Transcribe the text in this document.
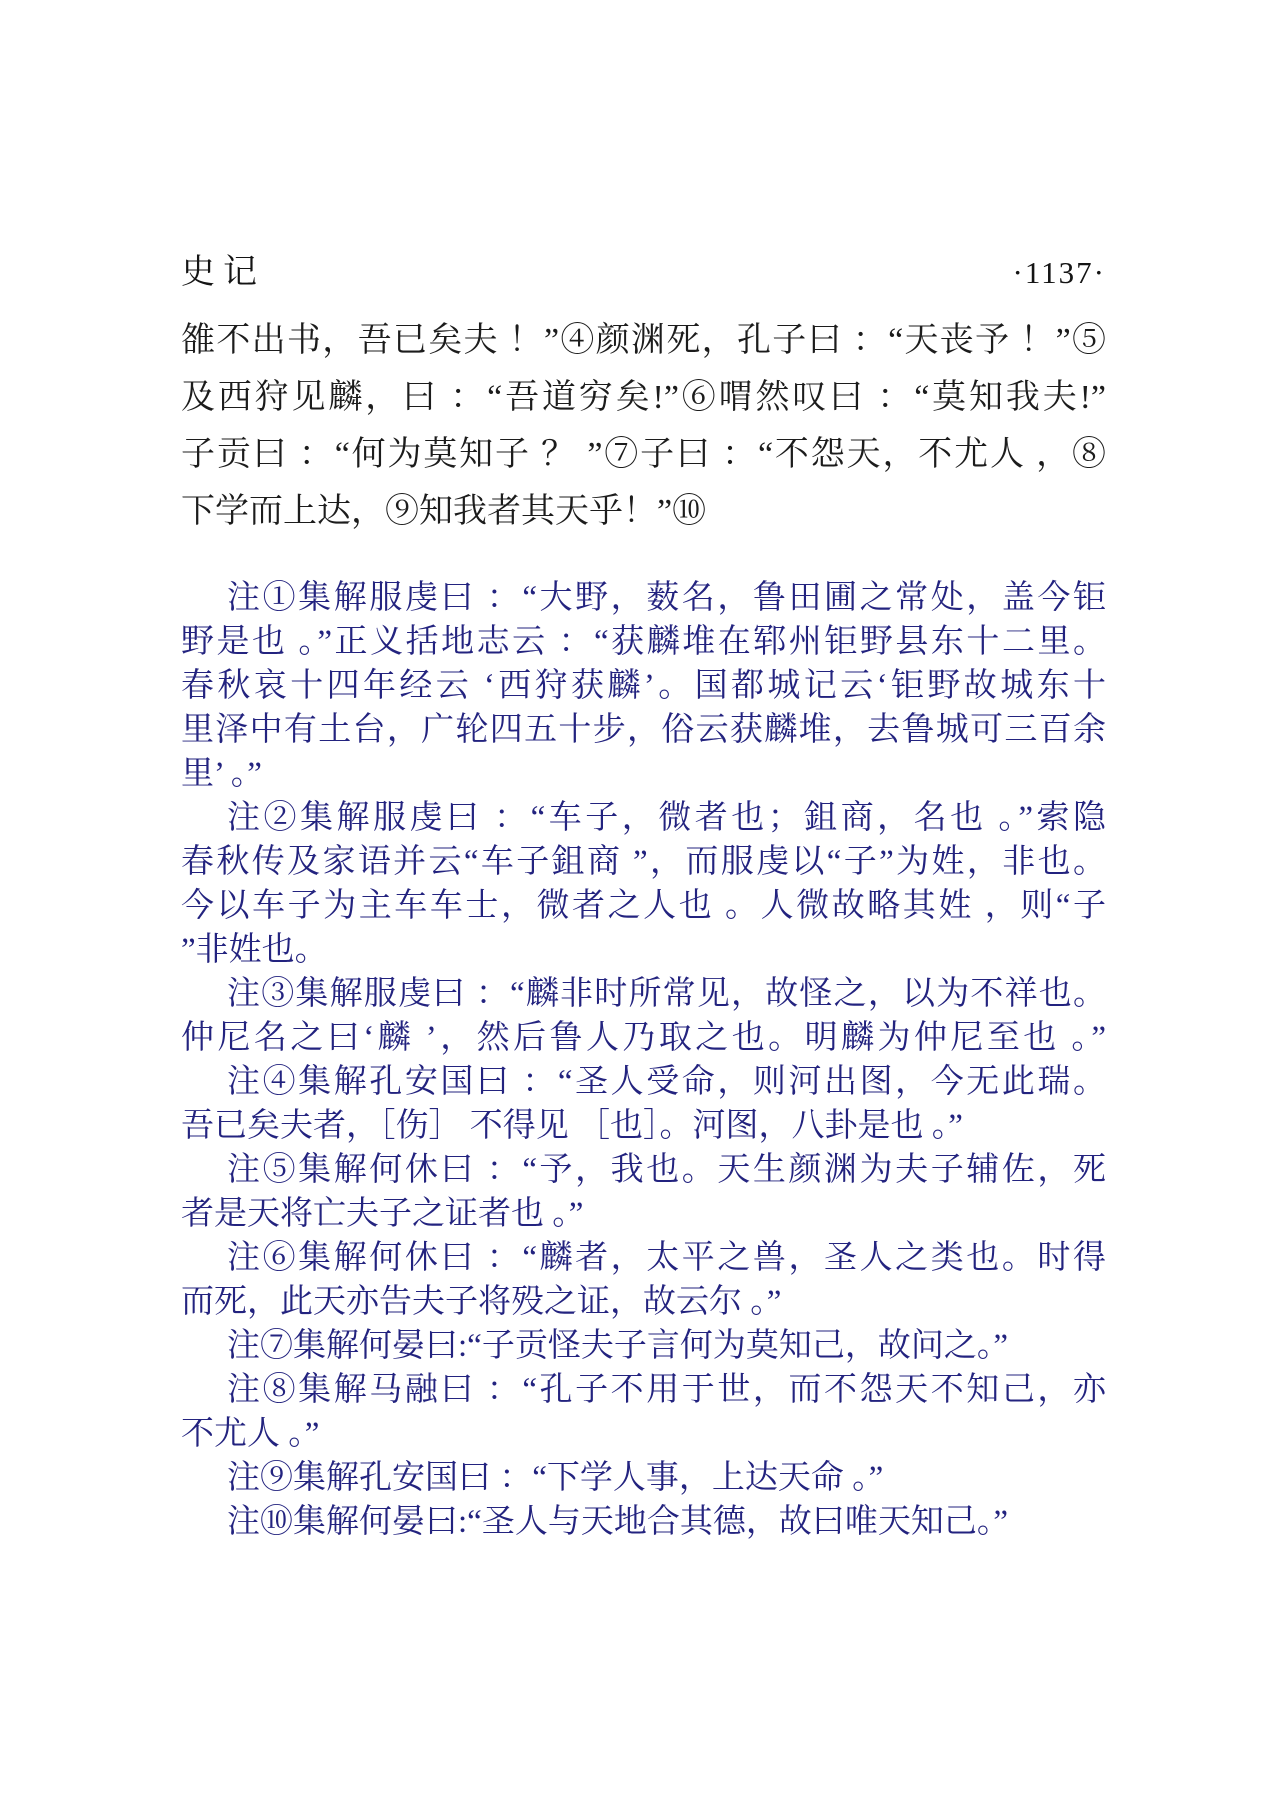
史记	·1137·
雒不出书，吾已矣夫 ！”④颜渊死，孔子曰 ：“天丧予 ！”⑤
及西狩见麟，曰 ：“吾道穷矣!”⑥喟然叹曰 ：“莫知我夫!”
子贡曰 ：“何为莫知子 ？ ”⑦子曰 ：“不怨天，不尤人 ，⑧
下学而上达，⑨知我者其天乎！”⑩
注①集解服虔曰 ：“大野，薮名，鲁田圃之常处，盖今钜
野是也 。”正义括地志云 ：“获麟堆在郓州钜野县东十二里。
春秋哀十四年经云 ‘西狩获麟’。国都城记云‘钜野故城东十
里泽中有土台，广轮四五十步，俗云获麟堆，去鲁城可三百余
里’ 。”
注②集解服虔曰 ：“车子，微者也；鉏商，名也 。”索隐
春秋传及家语并云“车子鉏商 ”，而服虔以“子”为姓，非也。
今以车子为主车车士，微者之人也 。人微故略其姓 ，则“子
”非姓也。
注③集解服虔曰 ：“麟非时所常见，故怪之，以为不祥也。
仲尼名之曰‘麟 ’，然后鲁人乃取之也。明麟为仲尼至也 。”
注④集解孔安国曰 ：“圣人受命，则河出图，今无此瑞。
吾已矣夫者，［伤］ 不得见 ［也］。河图，八卦是也 。”
注⑤集解何休曰 ：“予，我也。天生颜渊为夫子辅佐，死
者是天将亡夫子之证者也 。”
注⑥集解何休曰 ：“麟者，太平之兽，圣人之类也。时得
而死，此天亦告夫子将殁之证，故云尔 。”
注⑦集解何晏曰:“子贡怪夫子言何为莫知己，故问之。”
注⑧集解马融曰 ：“孔子不用于世，而不怨天不知己，亦
不尤人 。”
注⑨集解孔安国曰 ：“下学人事，上达天命 。”
注⑩集解何晏曰:“圣人与天地合其德，故曰唯天知己。”
